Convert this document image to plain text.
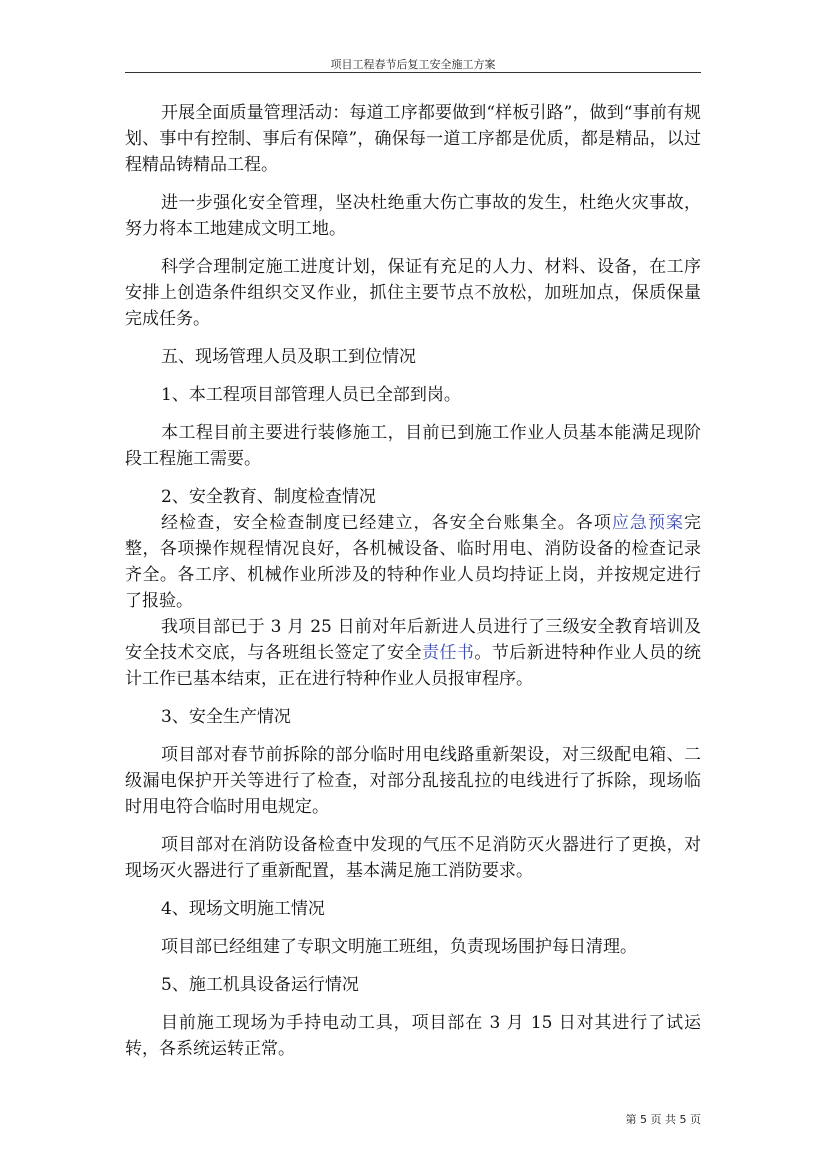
项目工程春节后复工安全施工方案

开展全面质量管理活动：每道工序都要做到“样板引路”，做到“事前有规划、事中有控制、事后有保障”，确保每一道工序都是优质，都是精品，以过程精品铸精品工程。

进一步强化安全管理，坚决杜绝重大伤亡事故的发生，杜绝火灾事故，努力将本工地建成文明工地。

科学合理制定施工进度计划，保证有充足的人力、材料、设备，在工序安排上创造条件组织交叉作业，抓住主要节点不放松，加班加点，保质保量完成任务。

五、现场管理人员及职工到位情况

1、本工程项目部管理人员已全部到岗。

本工程目前主要进行装修施工，目前已到施工作业人员基本能满足现阶段工程施工需要。

2、安全教育、制度检查情况

经检查，安全检查制度已经建立，各安全台账集全。各项应急预案完整，各项操作规程情况良好，各机械设备、临时用电、消防设备的检查记录齐全。各工序、机械作业所涉及的特种作业人员均持证上岗，并按规定进行了报验。

我项目部已于 3 月 25 日前对年后新进人员进行了三级安全教育培训及安全技术交底，与各班组长签定了安全责任书。节后新进特种作业人员的统计工作已基本结束，正在进行特种作业人员报审程序。

3、安全生产情况

项目部对春节前拆除的部分临时用电线路重新架设，对三级配电箱、二级漏电保护开关等进行了检查，对部分乱接乱拉的电线进行了拆除，现场临时用电符合临时用电规定。

项目部对在消防设备检查中发现的气压不足消防灭火器进行了更换，对现场灭火器进行了重新配置，基本满足施工消防要求。

4、现场文明施工情况

项目部已经组建了专职文明施工班组，负责现场围护每日清理。

5、施工机具设备运行情况

目前施工现场为手持电动工具，项目部在 3 月 15 日对其进行了试运转，各系统运转正常。

第 5 页 共 5 页
